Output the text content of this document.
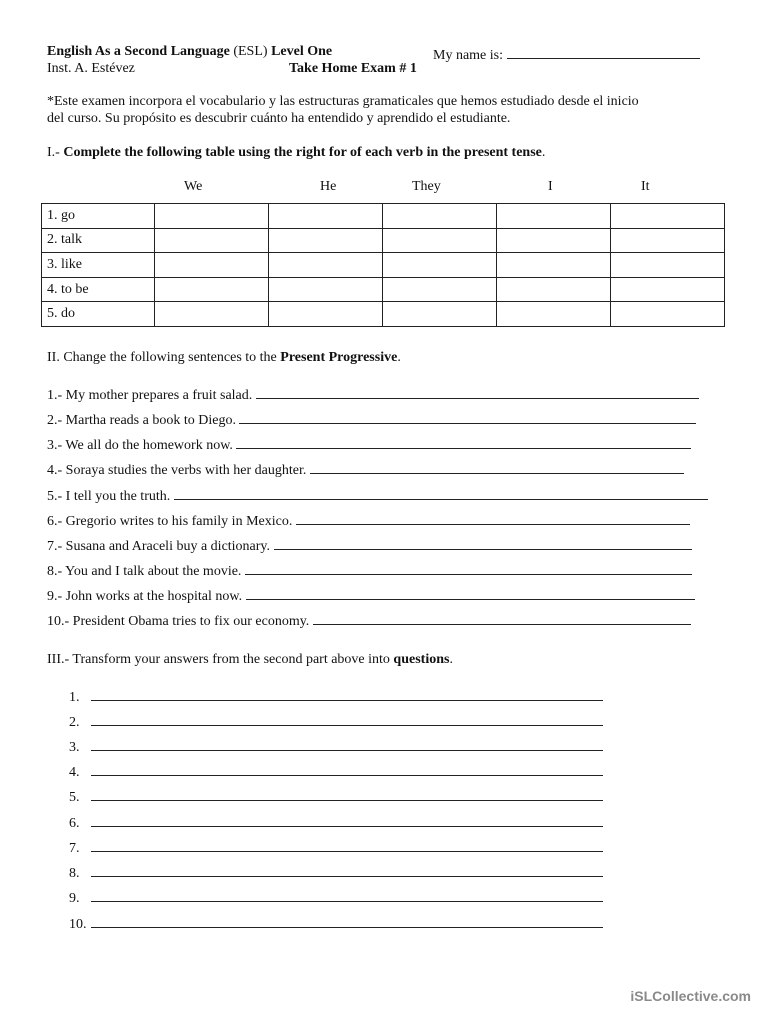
English As a Second Language (ESL) Level One	My name is:
Inst. A. Estévez	Take Home Exam # 1
*Este examen incorpora el vocabulario y las estructuras gramaticales que hemos estudiado desde el inicio
del curso. Su propósito es descubrir cuánto ha entendido y aprendido el estudiante.
I.- Complete the following table using the right for of each verb in the present tense.
We	He	They	I	It
1. go					
2. talk					
3. like					
4. to be					
5. do					
II. Change the following sentences to the Present Progressive.
1.- My mother prepares a fruit salad.
2.- Martha reads a book to Diego.
3.- We all do the homework now.
4.- Soraya studies the verbs with her daughter.
5.- I tell you the truth.
6.- Gregorio writes to his family in Mexico.
7.- Susana and Araceli buy a dictionary.
8.- You and I talk about the movie.
9.- John works at the hospital now.
10.- President Obama tries to fix our economy.
III.- Transform your answers from the second part above into questions.
1.
2.
3.
4.
5.
6.
7.
8.
9.
10.
iSLCollective.com
